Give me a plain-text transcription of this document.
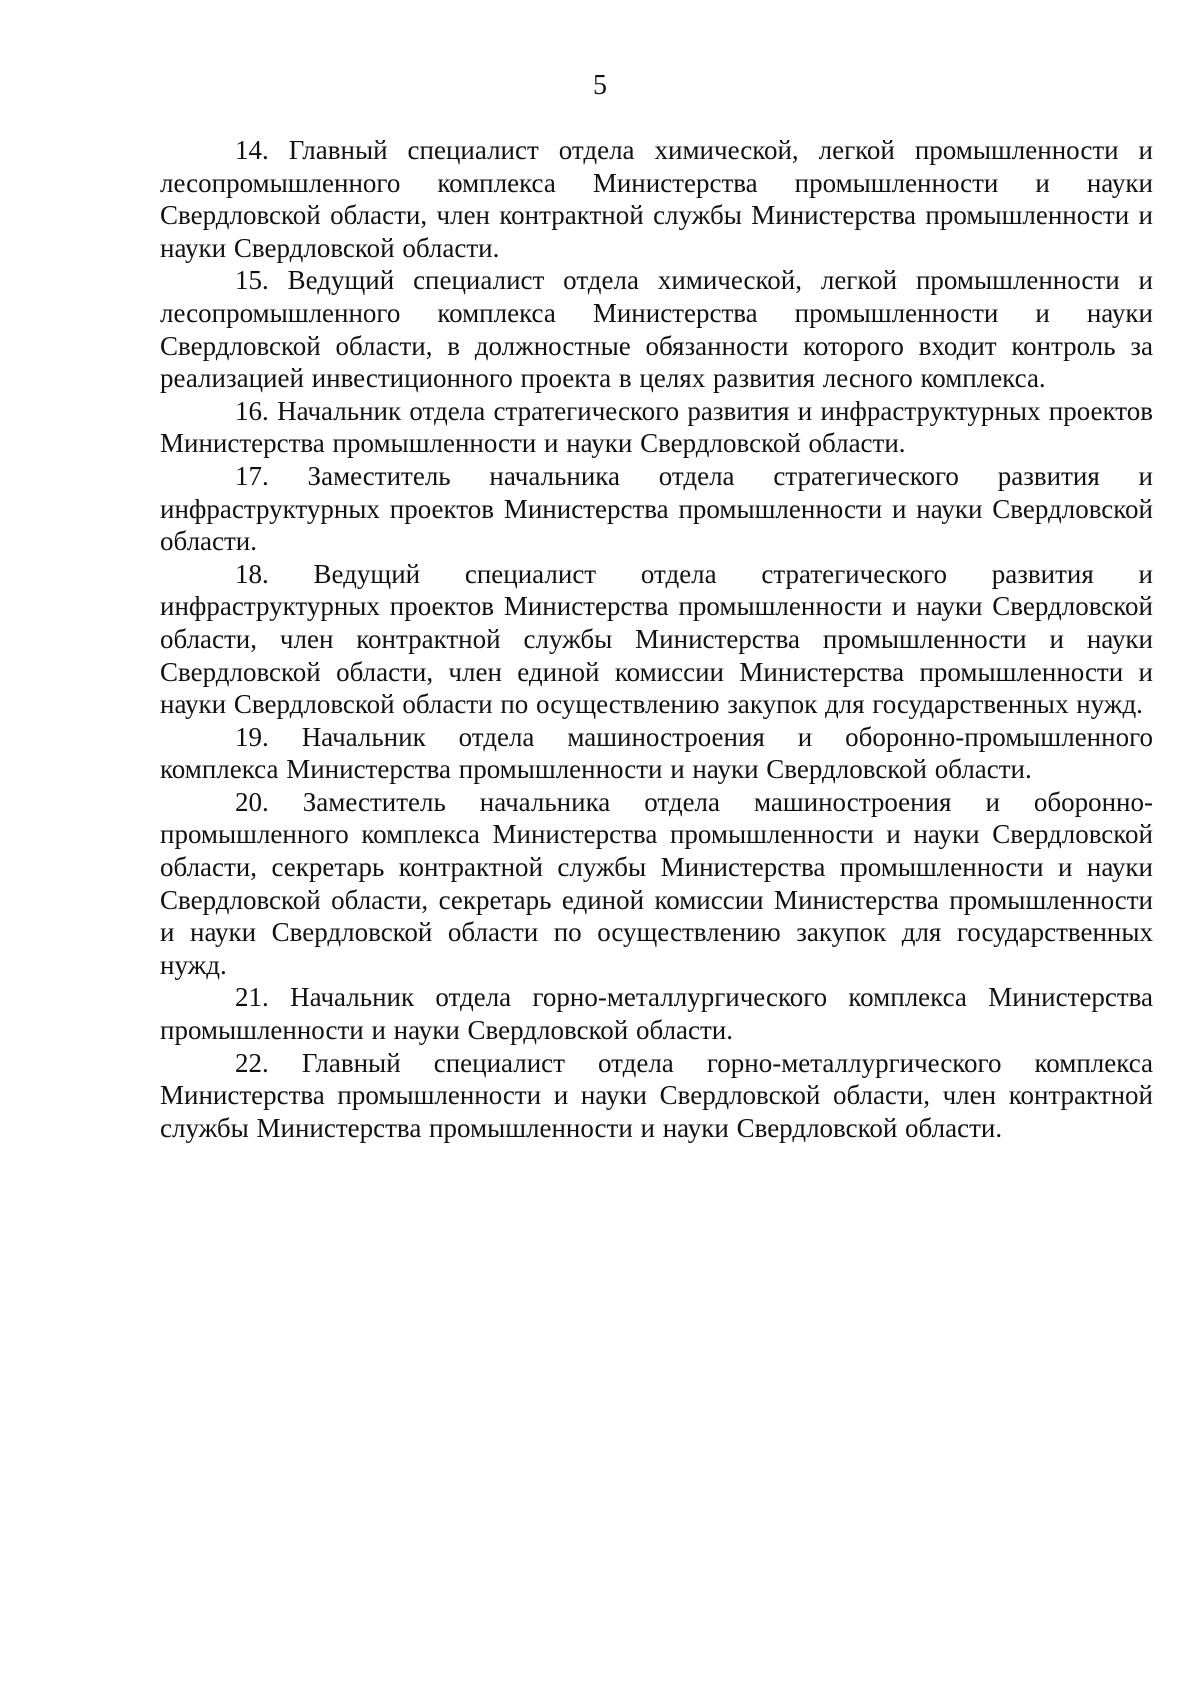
5

14. Главный специалист отдела химической, легкой промышленности и лесопромышленного комплекса Министерства промышленности и науки Свердловской области, член контрактной службы Министерства промышленности и науки Свердловской области.

15. Ведущий специалист отдела химической, легкой промышленности и лесопромышленного комплекса Министерства промышленности и науки Свердловской области, в должностные обязанности которого входит контроль за реализацией инвестиционного проекта в целях развития лесного комплекса.

16. Начальник отдела стратегического развития и инфраструктурных проектов Министерства промышленности и науки Свердловской области.

17. Заместитель начальника отдела стратегического развития и инфраструктурных проектов Министерства промышленности и науки Свердловской области.

18. Ведущий специалист отдела стратегического развития и инфраструктурных проектов Министерства промышленности и науки Свердловской области, член контрактной службы Министерства промышленности и науки Свердловской области, член единой комиссии Министерства промышленности и науки Свердловской области по осуществлению закупок для государственных нужд.

19. Начальник отдела машиностроения и оборонно-промышленного комплекса Министерства промышленности и науки Свердловской области.

20. Заместитель начальника отдела машиностроения и оборонно-промышленного комплекса Министерства промышленности и науки Свердловской области, секретарь контрактной службы Министерства промышленности и науки Свердловской области, секретарь единой комиссии Министерства промышленности и науки Свердловской области по осуществлению закупок для государственных нужд.

21. Начальник отдела горно-металлургического комплекса Министерства промышленности и науки Свердловской области.

22. Главный специалист отдела горно-металлургического комплекса Министерства промышленности и науки Свердловской области, член контрактной службы Министерства промышленности и науки Свердловской области.
